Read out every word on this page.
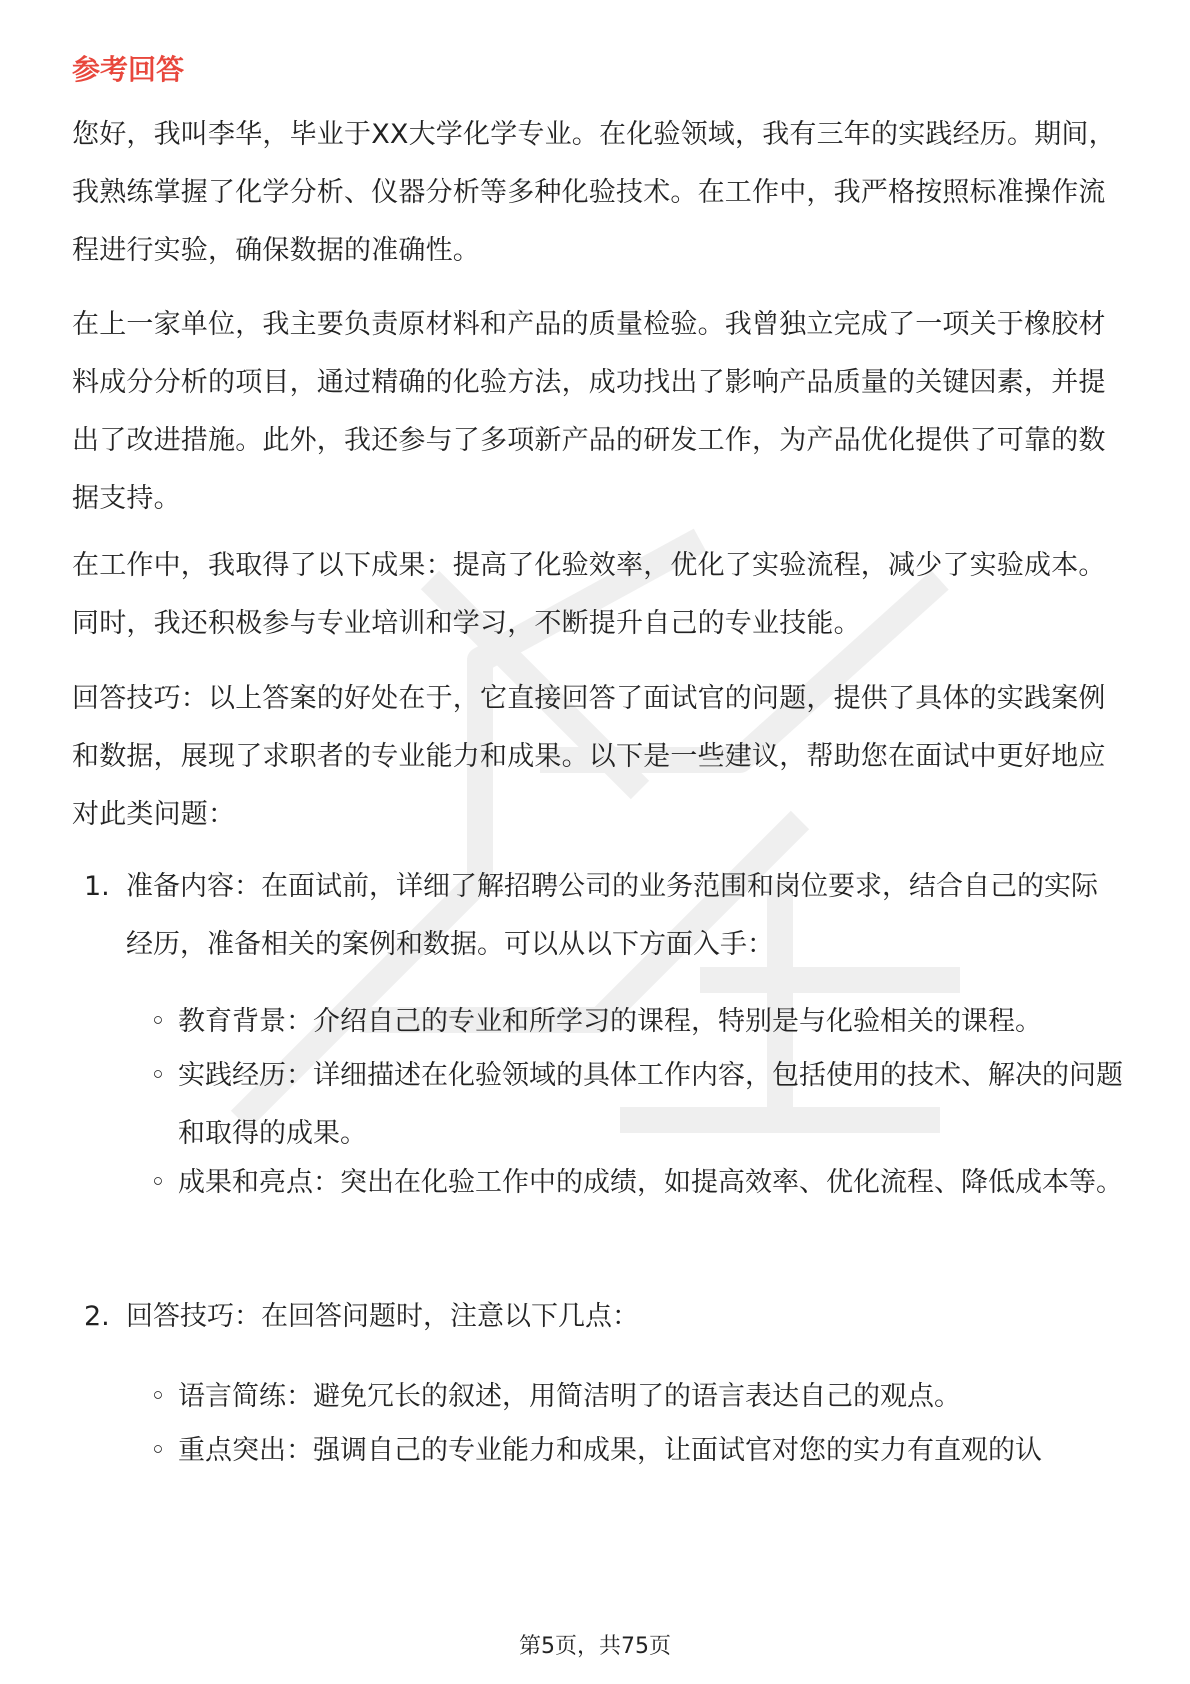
参考回答

您好，我叫李华，毕业于XX大学化学专业。在化验领域，我有三年的实践经历。期间，我熟练掌握了化学分析、仪器分析等多种化验技术。在工作中，我严格按照标准操作流程进行实验，确保数据的准确性。

在上一家单位，我主要负责原材料和产品的质量检验。我曾独立完成了一项关于橡胶材料成分分析的项目，通过精确的化验方法，成功找出了影响产品质量的关键因素，并提出了改进措施。此外，我还参与了多项新产品的研发工作，为产品优化提供了可靠的数据支持。

在工作中，我取得了以下成果：提高了化验效率，优化了实验流程，减少了实验成本。同时，我还积极参与专业培训和学习，不断提升自己的专业技能。

回答技巧：以上答案的好处在于，它直接回答了面试官的问题，提供了具体的实践案例和数据，展现了求职者的专业能力和成果。以下是一些建议，帮助您在面试中更好地应对此类问题：

1. 准备内容：在面试前，详细了解招聘公司的业务范围和岗位要求，结合自己的实际经历，准备相关的案例和数据。可以从以下方面入手：
◦ 教育背景：介绍自己的专业和所学习的课程，特别是与化验相关的课程。
◦ 实践经历：详细描述在化验领域的具体工作内容，包括使用的技术、解决的问题和取得的成果。
◦ 成果和亮点：突出在化验工作中的成绩，如提高效率、优化流程、降低成本等。
2. 回答技巧：在回答问题时，注意以下几点：
◦ 语言简练：避免冗长的叙述，用简洁明了的语言表达自己的观点。
◦ 重点突出：强调自己的专业能力和成果，让面试官对您的实力有直观的认
第5页，共75页
